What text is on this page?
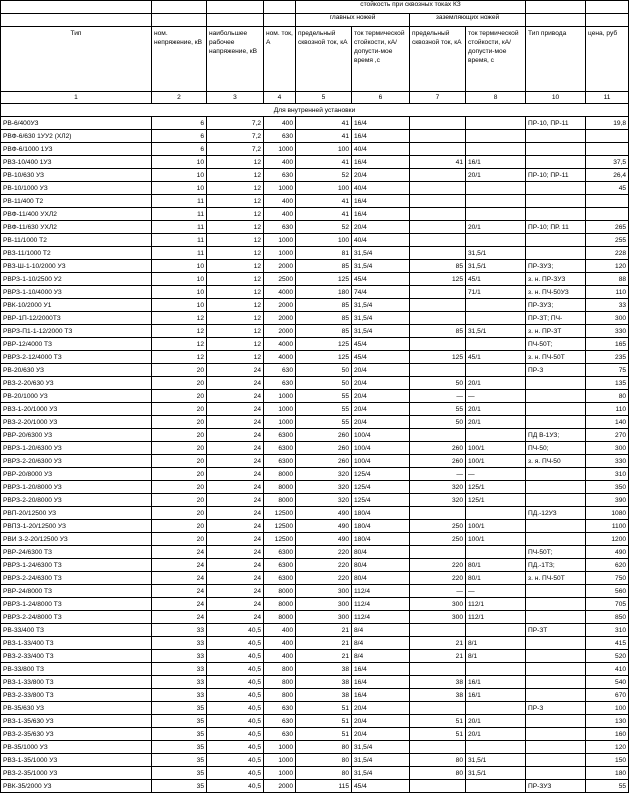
				стойкость при сквозных токах КЗ					
				главных ножей		заземляющих ножей			
Тип	ном. непряжение, кВ	наибольшее рабочее напряжение, кВ	ном. ток, А	предельный сквозной ток, кА	ток термической стойкости, кА/допусти-мое время ,с	предельный сквозной ток, кА	ток термической стойкости, кА/ допусти-мое время, с	Тип привода	цена, руб
1	2	3	4	5	6	7	8	10	11
Для внутренней установки									
РВ-6/400УЗ	6	7,2	400	41	16/4			ПР-10, ПР-11	19,8
РВФ-6/630 1УУ2 (ХЛ2)	6	7,2	630	41	16/4				
РВФ-6/1000 1УЗ	6	7,2	1000	100	40/4				
РВЗ-10/400 1УЗ	10	12	400	41	16/4	41	16/1		37,5
РВ-10/630 УЗ	10	12	630	52	20/4		20/1	ПР-10; ПР-11	26,4
РВ-10/1000 УЗ	10	12	1000	100	40/4				45
РВ-11/400 Т2	11	12	400	41	16/4				
РВФ-11/400 УХЛ2	11	12	400	41	16/4				
РВФ-11/630 УХЛ2	11	12	630	52	20/4		20/1	ПР-10; ПР. 11	265
РВ-11/1000 Т2	11	12	1000	100	40/4				255
РВЗ-11/1000 Т2	11	12	1000	81	31,5/4		31,5/1		228
РВЗ-Ш-1-10/2000 УЗ	10	12	2000	85	31,5/4	85	31,5/1	ПР-ЗУЗ;	120
РВРЗ-1-10/2500 У2	10	12	2500	125	45/4	125	45/1	з. н. ПР-ЗУЗ	88
РВРЗ-1-10/4000 УЗ	10	12	4000	180	74/4		71/1	з. н. ПЧ-50УЗ	110
РВК-10/2000 У1	10	12	2000	85	31,5/4			ПР-ЗУЗ;	33
РВР-1П-12/2000ТЗ	12	12	2000	85	31,5/4			ПР-ЗТ; ПЧ-	300
РВРЗ-П1-1-12/2000 ТЗ	12	12	2000	85	31,5/4	85	31,5/1	з. н. ПР-ЗТ	330
РВР-12/4000 ТЗ	12	12	4000	125	45/4			ПЧ-50Т;	165
РВРЗ-2-12/4000 ТЗ	12	12	4000	125	45/4	125	45/1	з. н. ПЧ-50Т	235
РВ-20/630 УЗ	20	24	630	50	20/4			ПР-З	75
РВЗ-2-20/630 УЗ	20	24	630	50	20/4	50	20/1		135
РВ-20/1000 УЗ	20	24	1000	55	20/4	—	—		80
РВЗ-1-20/1000 УЗ	20	24	1000	55	20/4	55	20/1		110
РВЗ-2-20/1000 УЗ	20	24	1000	55	20/4	50	20/1		140
РВР-20/6300 УЗ	20	24	6300	260	100/4			ПД В-1УЗ;	270
РВРЗ-1-20/6300 УЗ	20	24	6300	260	100/4	260	100/1	ПЧ-50;	300
РВРЗ-2-20/6300 УЗ	20	24	6300	260	100/4	260	100/1	з. я. ПЧ-50	330
РВР-20/8000 УЗ	20	24	8000	320	125/4	—	—		310
РВРЗ-1-20/8000 УЗ	20	24	8000	320	125/4	320	125/1		350
РВРЗ-2-20/8000 УЗ	20	24	8000	320	125/4	320	125/1		390
РВП-20/12500 УЗ	20	24	12500	490	180/4			ПД.-12УЗ	1080
РВПЗ-1-20/12500 УЗ	20	24	12500	490	180/4	250	100/1		1100
РВИ З-2-20/12500 УЗ	20	24	12500	490	180/4	250	100/1		1200
РВР-24/6300 ТЗ	24	24	6300	220	80/4			ПЧ-50Т;	490
РВРЗ-1-24/6300 ТЗ	24	24	6300	220	80/4	220	80/1	ПД.-1ТЗ;	620
РВРЗ-2-24/6300 ТЗ	24	24	6300	220	80/4	220	80/1	з. н. ПЧ-50Т	750
РВР-24/8000 ТЗ	24	24	8000	300	112/4	—	—		560
РВРЗ-1-24/8000 ТЗ	24	24	8000	300	112/4	300	112/1		705
РВРЗ-2-24/8000 ТЗ	24	24	8000	300	112/4	300	112/1		850
РВ-33/400 ТЗ	33	40,5	400	21	8/4			ПР-ЗТ	310
РВЗ-1-33/400 ТЗ	33	40,5	400	21	8/4	21	8/1		415
РВЗ-2-33/400 ТЗ	33	40,5	400	21	8/4	21	8/1		520
РВ-33/800 ТЗ	33	40,5	800	38	16/4				410
РВЗ-1-33/800 ТЗ	33	40,5	800	38	16/4	38	16/1		540
РВЗ-2-33/800 ТЗ	33	40,5	800	38	16/4	38	16/1		670
РВ-35/630 УЗ	35	40,5	630	51	20/4			ПР-З	100
РВЗ-1-35/630 УЗ	35	40,5	630	51	20/4	51	20/1		130
РВЗ-2-35/630 УЗ	35	40,5	630	51	20/4	51	20/1		160
РВ-35/1000 УЗ	35	40,5	1000	80	31,5/4				120
РВЗ-1-35/1000 УЗ	35	40,5	1000	80	31,5/4	80	31,5/1		150
РВЗ-2-35/1000 УЗ	35	40,5	1000	80	31,5/4	80	31,5/1		180
РВК-35/2000 УЗ	35	40,5	2000	115	45/4			ПР-ЗУЗ	55
